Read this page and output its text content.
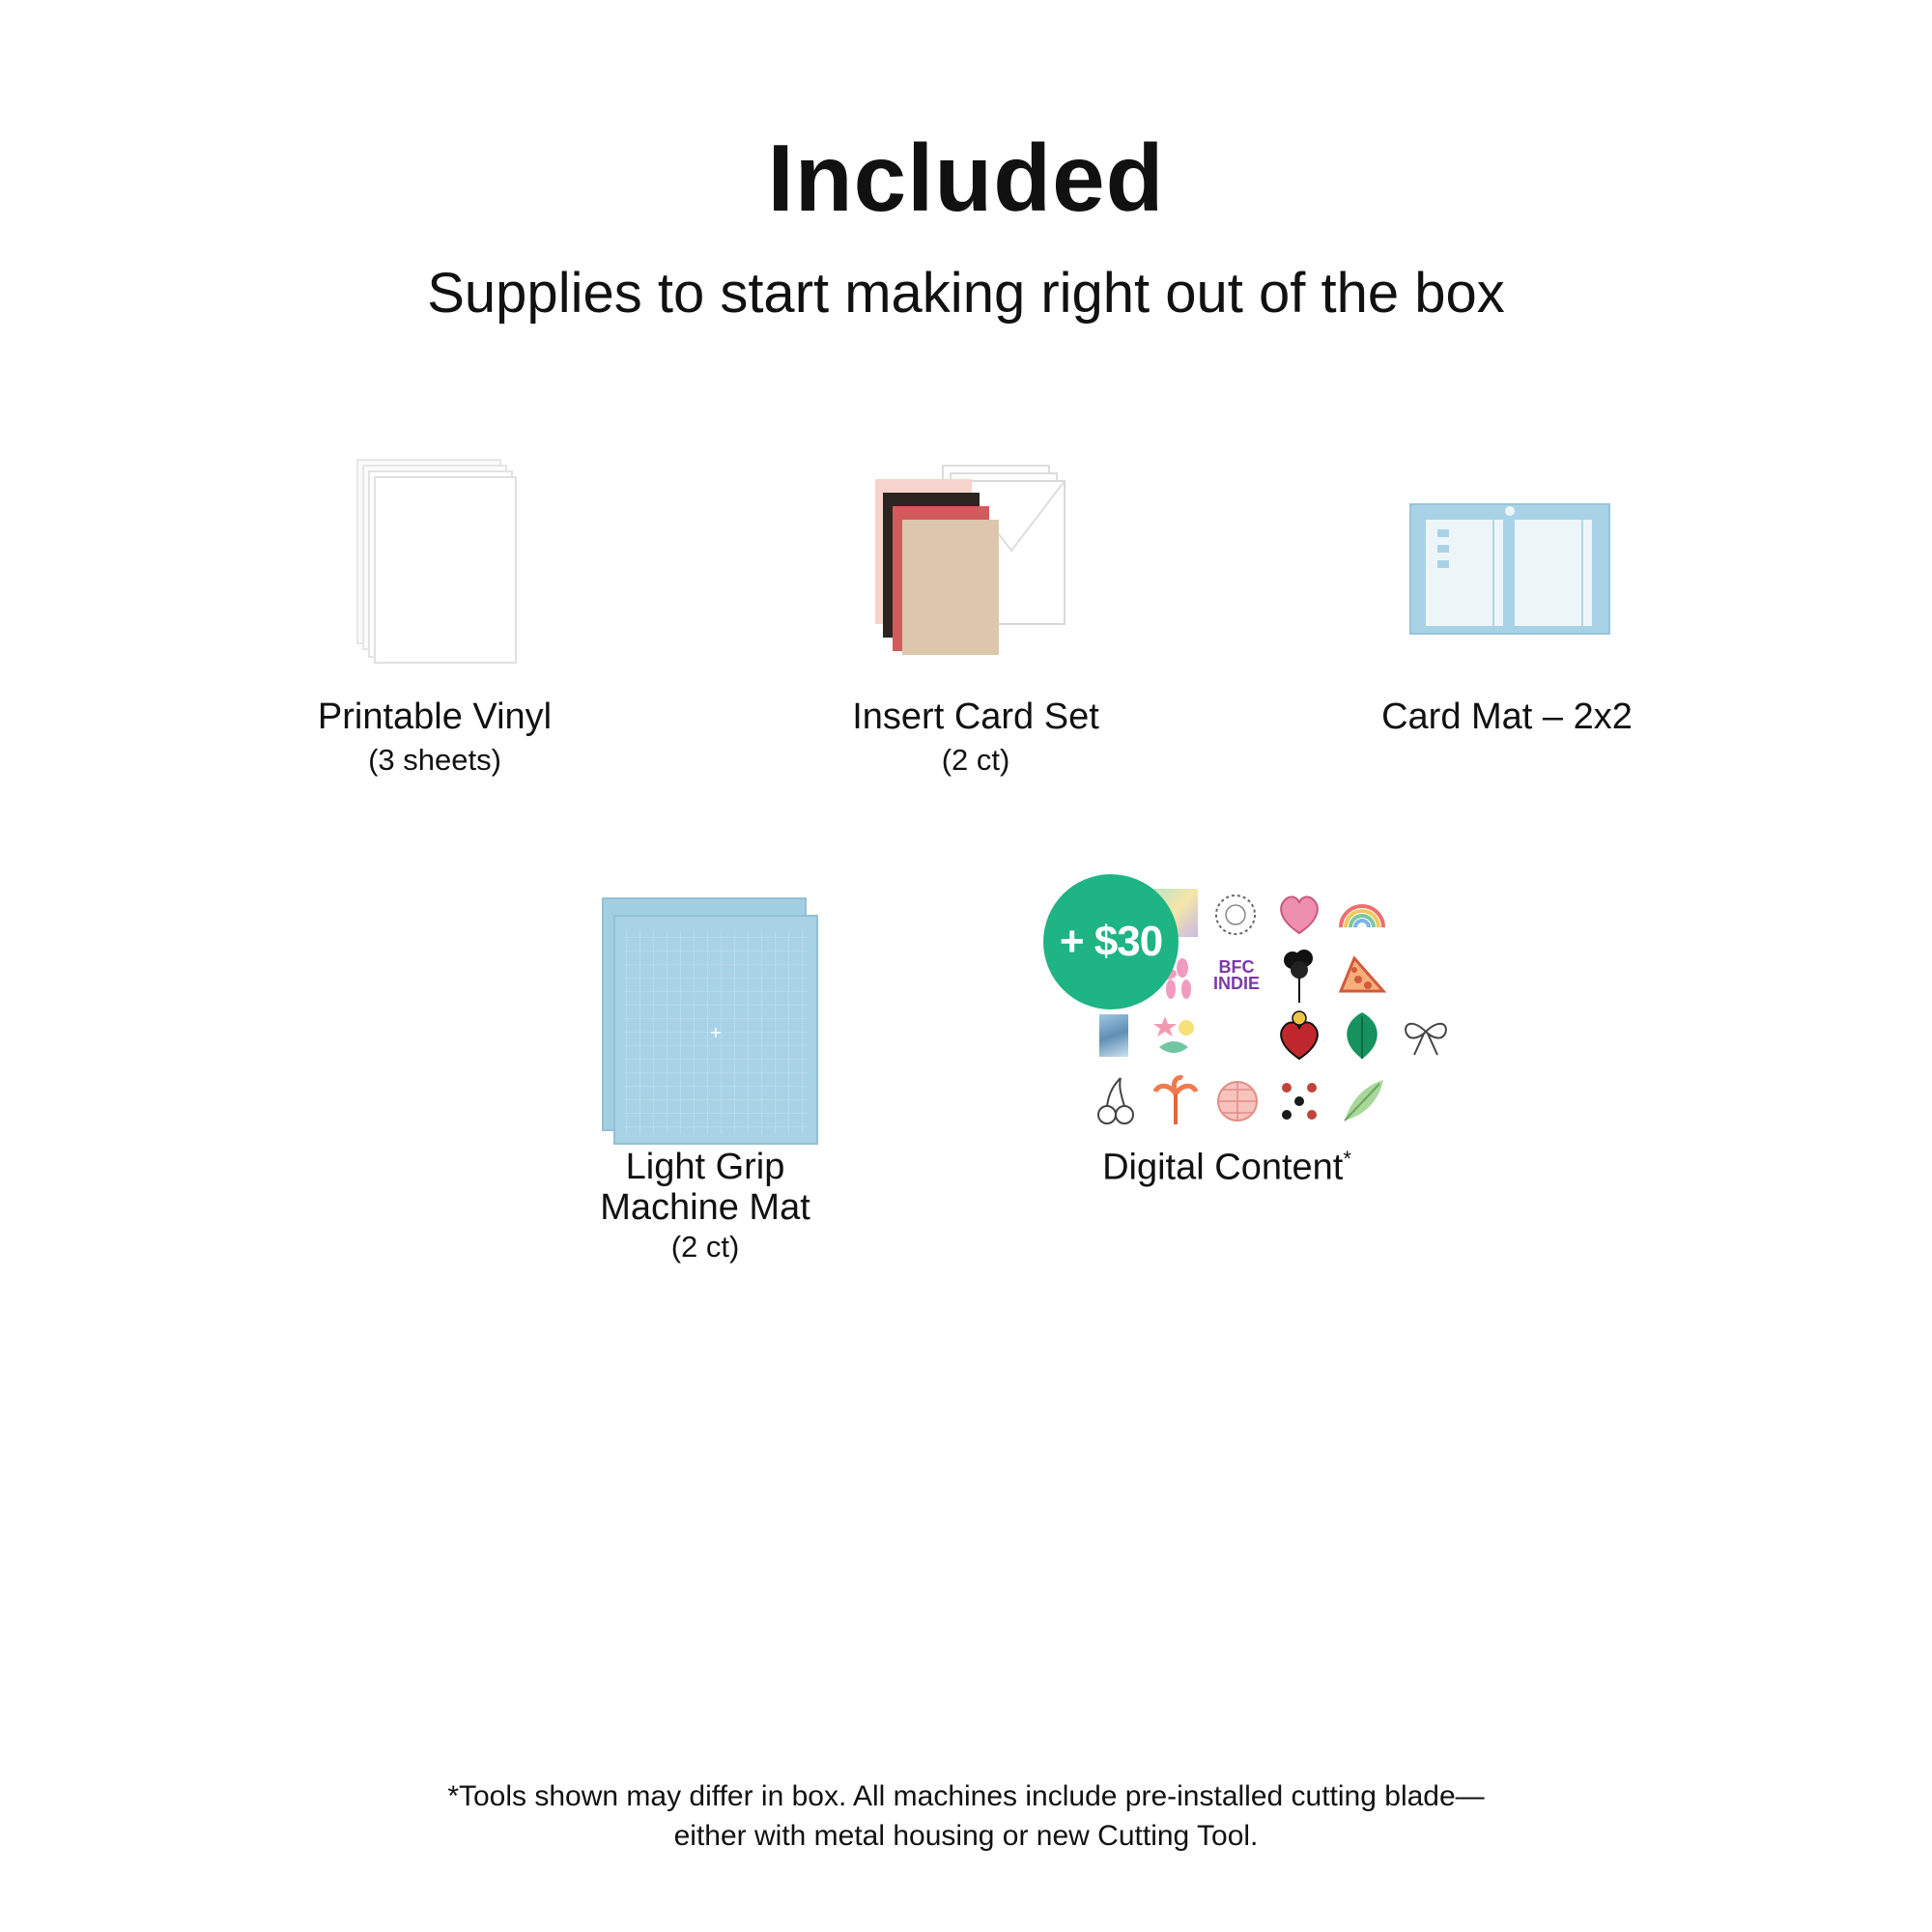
Included
Supplies to start making right out of the box
Printable Vinyl
(3 sheets)
Insert Card Set
(2 ct)
Card Mat – 2x2
Light Grip
Machine Mat
(2 ct)
BFC INDIE
+ $30
Digital Content*
*Tools shown may differ in box. All machines include pre-installed cutting blade—
either with metal housing or new Cutting Tool.
